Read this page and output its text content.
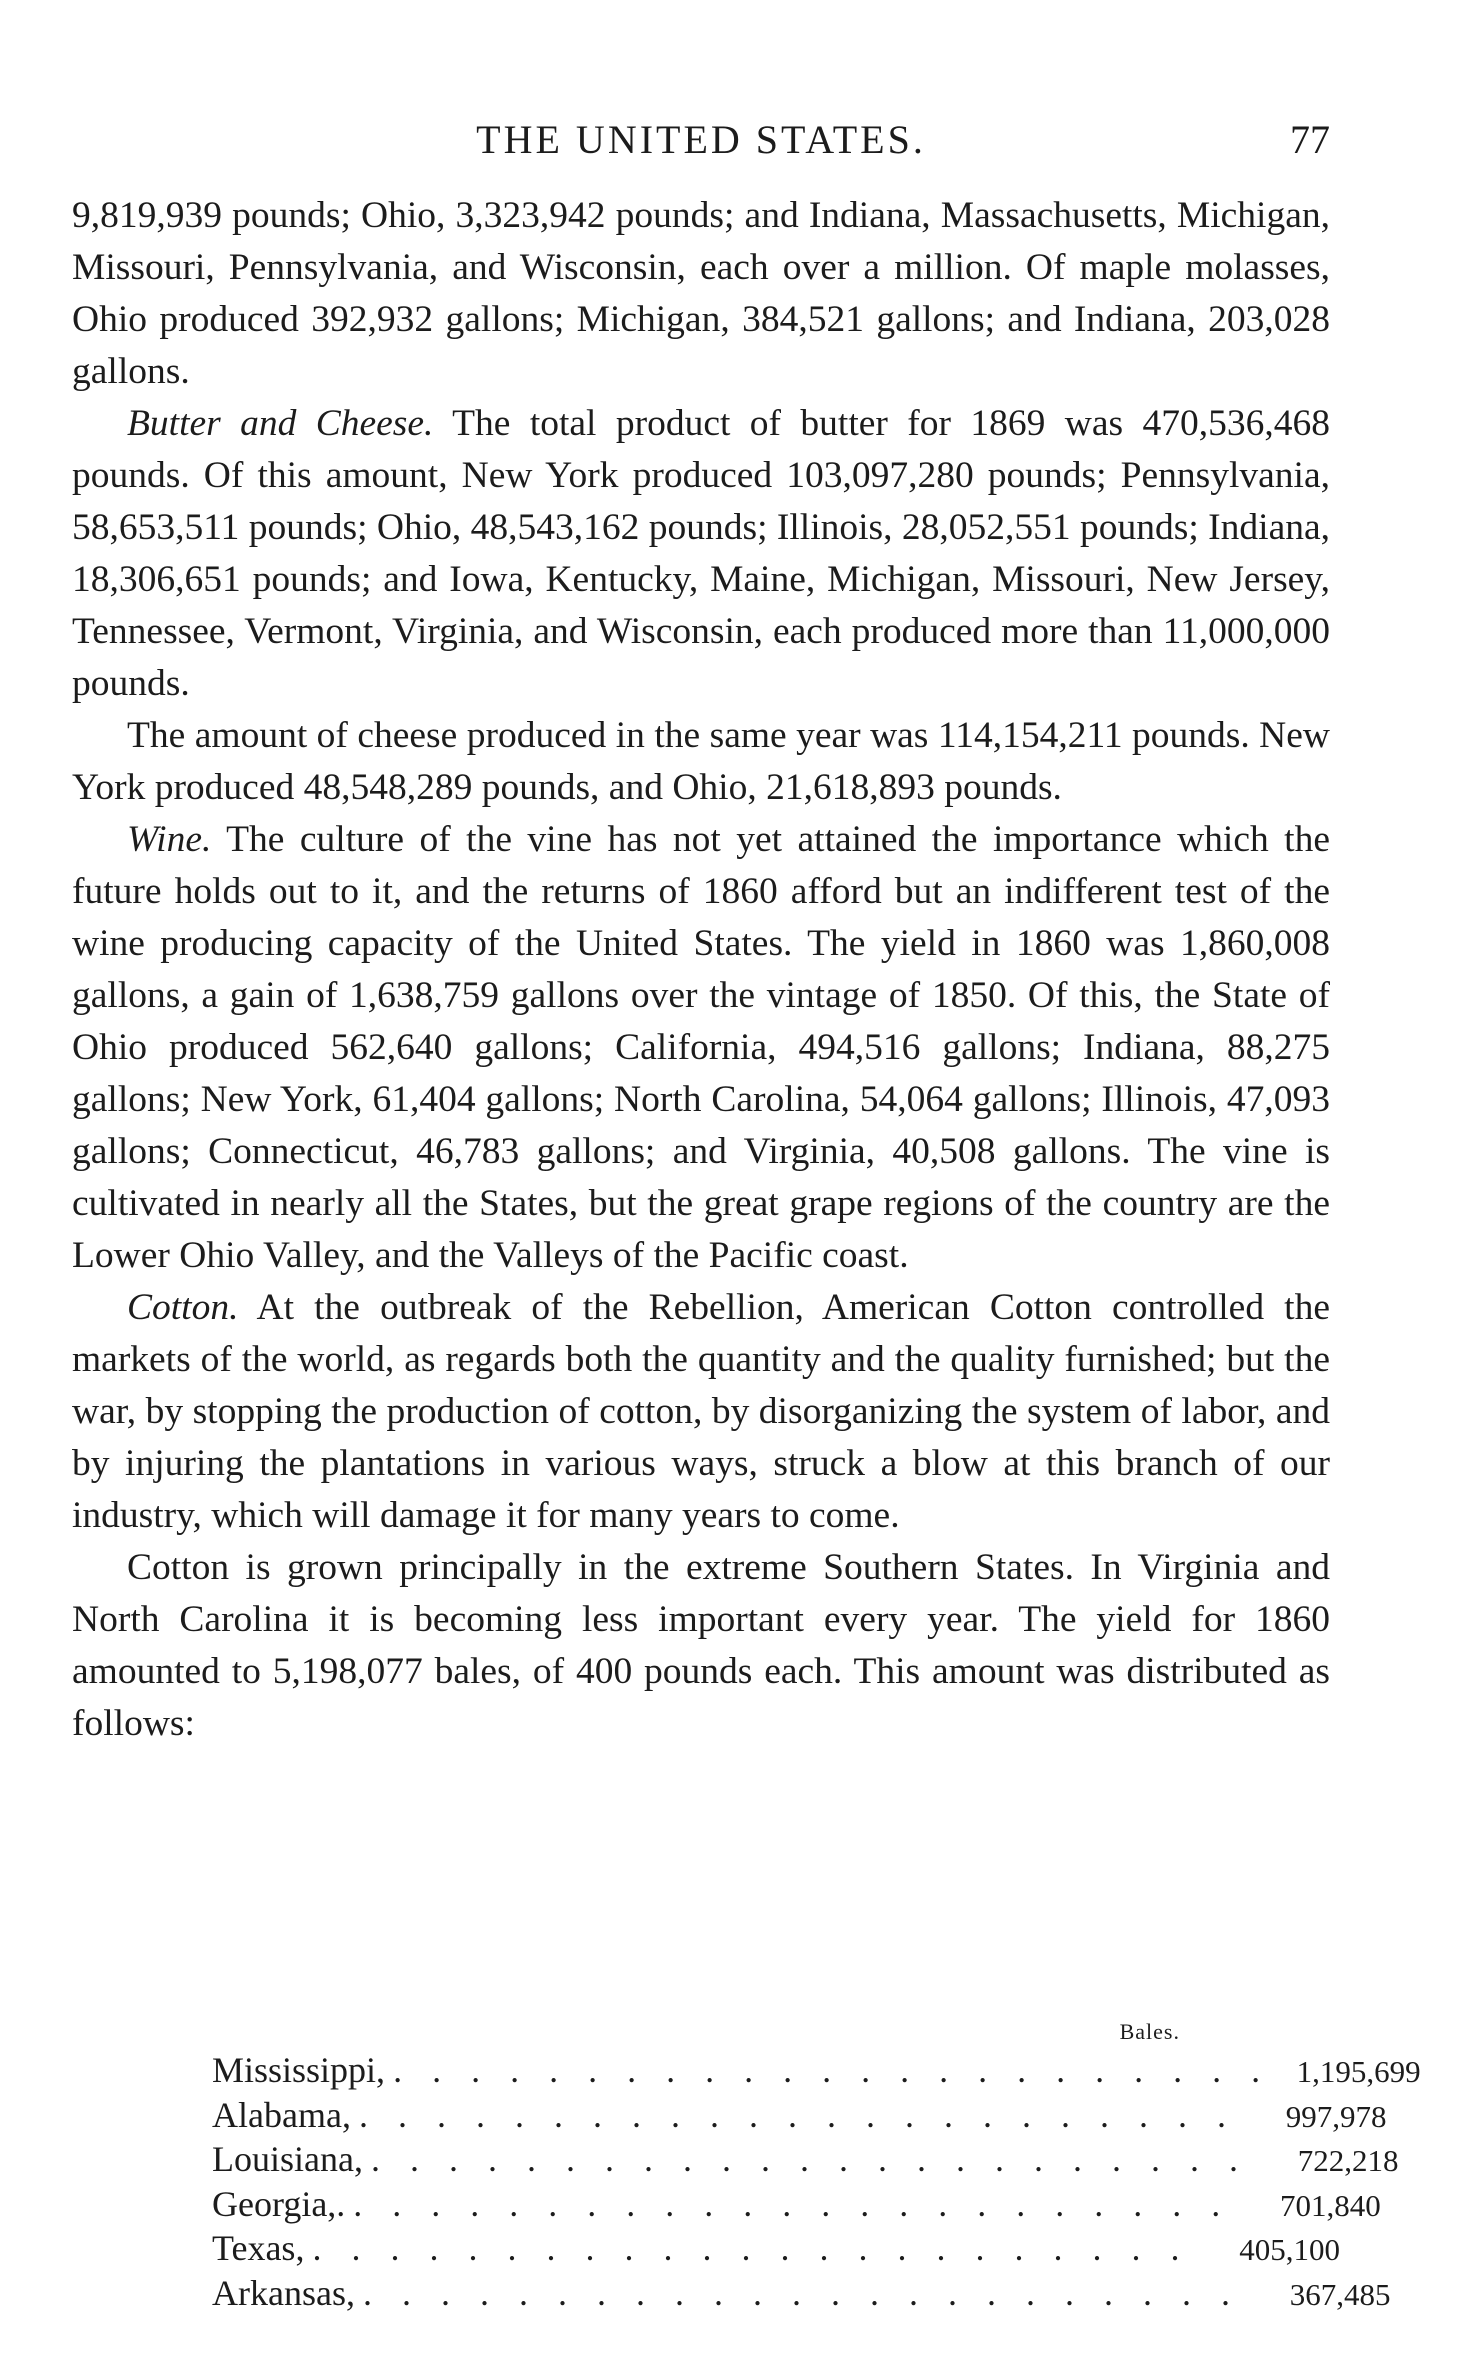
THE UNITED STATES.	77

9,819,939 pounds; Ohio, 3,323,942 pounds; and Indiana, Massachusetts, Michigan, Missouri, Pennsylvania, and Wisconsin, each over a million. Of maple molasses, Ohio produced 392,932 gallons; Michigan, 384,521 gallons; and Indiana, 203,028 gallons.

Butter and Cheese. The total product of butter for 1869 was 470,536,468 pounds. Of this amount, New York produced 103,097,280 pounds; Pennsylvania, 58,653,511 pounds; Ohio, 48,543,162 pounds; Illinois, 28,052,551 pounds; Indiana, 18,306,651 pounds; and Iowa, Kentucky, Maine, Michigan, Missouri, New Jersey, Tennessee, Vermont, Virginia, and Wisconsin, each produced more than 11,000,000 pounds.

The amount of cheese produced in the same year was 114,154,211 pounds. New York produced 48,548,289 pounds, and Ohio, 21,618,893 pounds.

Wine. The culture of the vine has not yet attained the importance which the future holds out to it, and the returns of 1860 afford but an indifferent test of the wine producing capacity of the United States. The yield in 1860 was 1,860,008 gallons, a gain of 1,638,759 gallons over the vintage of 1850. Of this, the State of Ohio produced 562,640 gallons; California, 494,516 gallons; Indiana, 88,275 gallons; New York, 61,404 gallons; North Carolina, 54,064 gallons; Illinois, 47,093 gallons; Connecticut, 46,783 gallons; and Virginia, 40,508 gallons. The vine is cultivated in nearly all the States, but the great grape regions of the country are the Lower Ohio Valley, and the Valleys of the Pacific coast.

Cotton. At the outbreak of the Rebellion, American Cotton controlled the markets of the world, as regards both the quantity and the quality furnished; but the war, by stopping the production of cotton, by disorganizing the system of labor, and by injuring the plantations in various ways, struck a blow at this branch of our industry, which will damage it for many years to come.

Cotton is grown principally in the extreme Southern States. In Virginia and North Carolina it is becoming less important every year. The yield for 1860 amounted to 5,198,077 bales, of 400 pounds each. This amount was distributed as follows:

Bales.
Mississippi, . . . . . . . . . . . . . . . . . . . . . . . 1,195,699
Alabama, . . . . . . . . . . . . . . . . . . . . . . .	997,978
Louisiana, . . . . . . . . . . . . . . . . . . . . . . .	722,218
Georgia,. . . . . . . . . . . . . . . . . . . . . . . .	701,840
Texas, . . . . . . . . . . . . . . . . . . . . . . .	405,100
Arkansas, . . . . . . . . . . . . . . . . . . . . . . .	367,485
